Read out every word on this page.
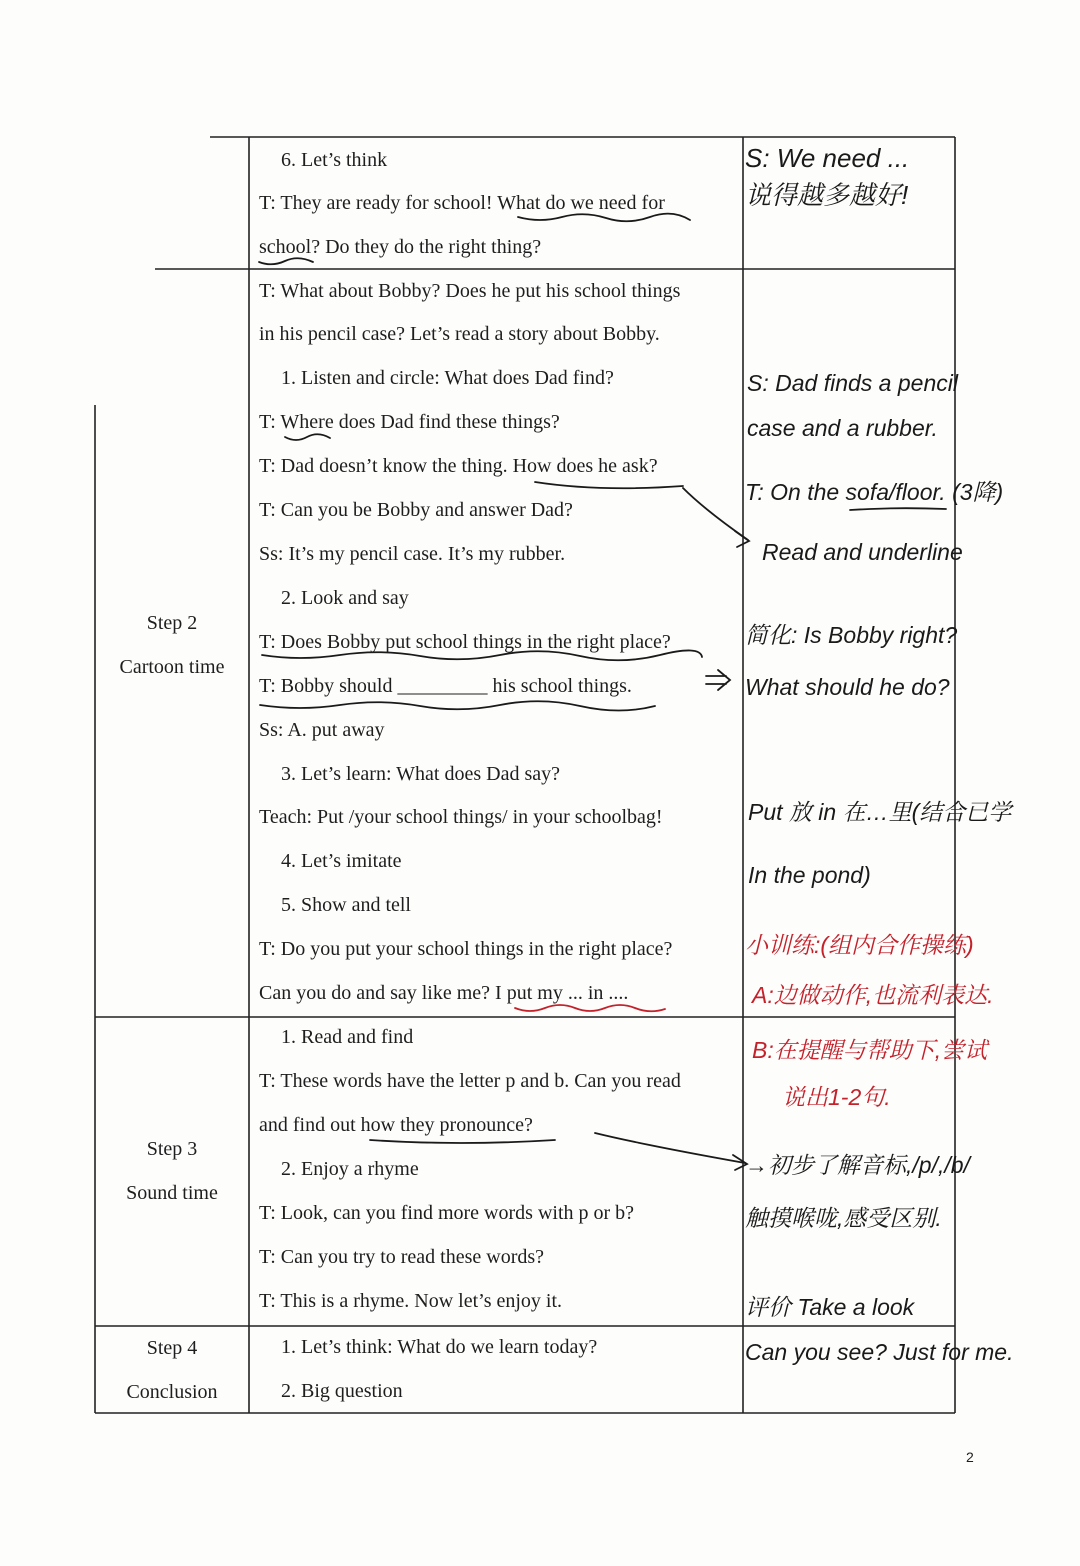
6. Let’s think
T: They are ready for school! What do we need for
school? Do they do the right thing?
S: We need ...
说得越多越好!
Step 2
Cartoon time
T: What about Bobby? Does he put his school things
in his pencil case? Let’s read a story about Bobby.
1. Listen and circle: What does Dad find?
T: Where does Dad find these things?
T: Dad doesn’t know the thing. How does he ask?
T: Can you be Bobby and answer Dad?
Ss: It’s my pencil case. It’s my rubber.
2. Look and say
T: Does Bobby put school things in the right place?
T: Bobby should _________ his school things.
Ss: A. put away
3. Let’s learn: What does Dad say?
Teach: Put /your school things/ in your schoolbag!
4. Let’s imitate
5. Show and tell
T: Do you put your school things in the right place?
Can you do and say like me? I put my ... in ....
S: Dad finds a pencil
case and a rubber.
T: On the sofa/floor. (3降)
Read and underline
简化: Is Bobby right?
What should he do?
Put 放 in 在…里(结合已学
In the pond)
小训练:(组内合作操练)
A:边做动作,也流利表达.
Step 3
Sound time
1. Read and find
T: These words have the letter p and b. Can you read
and find out how they pronounce?
2. Enjoy a rhyme
T: Look, can you find more words with p or b?
T: Can you try to read these words?
T: This is a rhyme. Now let’s enjoy it.
B:在提醒与帮助下,尝试
说出1-2句.
→初步了解音标,/p/,/b/
触摸喉咙,感受区别.
Step 4
Conclusion
1. Let’s think: What do we learn today?
2. Big question
评价 Take a look
Can you see? Just for me.
2
